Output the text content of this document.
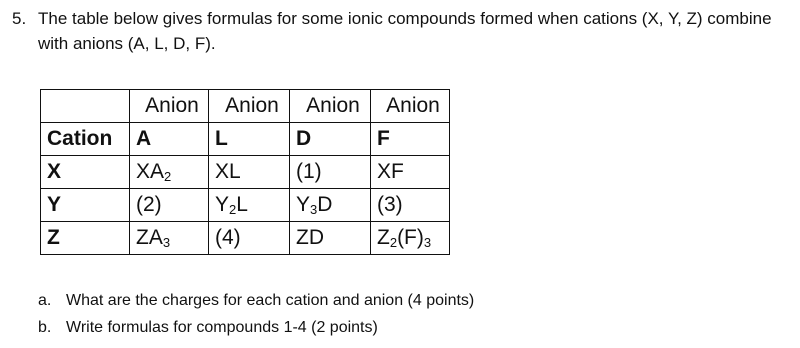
5. The table below gives formulas for some ionic compounds formed when cations (X, Y, Z) combine with anions (A, L, D, F).
	Anion	Anion	Anion	Anion
Cation	A	L	D	F
X	$XA_2$	XL	(1)	XF
Y	(2)	$Y_2L$	$Y_3D$	(3)
Z	$ZA_3$	(4)	ZD	$Z_2(F)_3$
a. What are the charges for each cation and anion (4 points)
b. Write formulas for compounds 1-4 (2 points)
